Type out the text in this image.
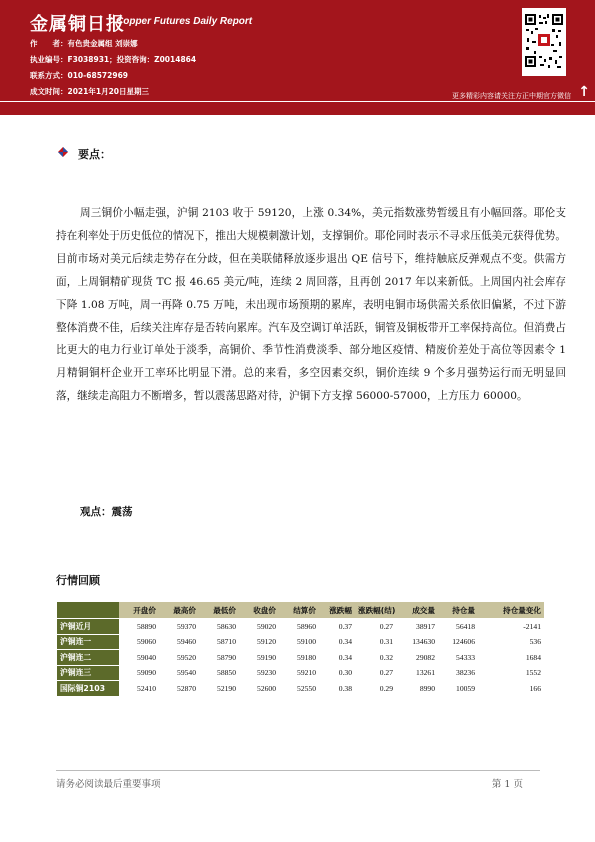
金属铜日报
Copper Futures Daily Report
作　　者：有色贵金属组 刘崇娜
执业编号：F3038931；投资咨询：Z0014864
联系方式：010-68572969
成文时间：2021年1月20日星期三	更多精彩内容请关注方正中期官方微信 ↑
要点：

周三铜价小幅走强，沪铜 2103 收于 59120，上涨 0.34%，美元指数涨势暂缓且有小幅回落。耶伦支持在利率处于历史低位的情况下，推出大规模刺激计划，支撑铜价。耶伦同时表示不寻求压低美元获得优势。目前市场对美元后续走势存在分歧，但在美联储释放逐步退出 QE 信号下，维持触底反弹观点不变。供需方面，上周铜精矿现货 TC 报 46.65 美元/吨，连续 2 周回落，且再创 2017 年以来新低。上周国内社会库存下降 1.08 万吨，周一再降 0.75 万吨，未出现市场预期的累库，表明电铜市场供需关系依旧偏紧，不过下游整体消费不佳，后续关注库存是否转向累库。汽车及空调订单活跃，铜管及铜板带开工率保持高位。但消费占比更大的电力行业订单处于淡季，高铜价、季节性消费淡季、部分地区疫情、精废价差处于高位等因素令 1 月精铜铜杆企业开工率环比明显下滑。总的来看，多空因素交织，铜价连续 9 个多月强势运行而无明显回落，继续走高阻力不断增多，暂以震荡思路对待，沪铜下方支撑 56000-57000，上方压力 60000。

观点：震荡
行情回顾
	开盘价	最高价	最低价	收盘价	结算价	涨跌幅	涨跌幅(结)	成交量	持仓量	持仓量变化
沪铜近月	58890	59370	58630	59020	58960	0.37	0.27	38917	56418	-2141
沪铜连一	59060	59460	58710	59120	59100	0.34	0.31	134630	124606	536
沪铜连二	59040	59520	58790	59190	59180	0.34	0.32	29082	54333	1684
沪铜连三	59090	59540	58850	59230	59210	0.30	0.27	13261	38236	1552
国际铜2103	52410	52870	52190	52600	52550	0.38	0.29	8990	10059	166
请务必阅读最后重要事项	第 1 页
